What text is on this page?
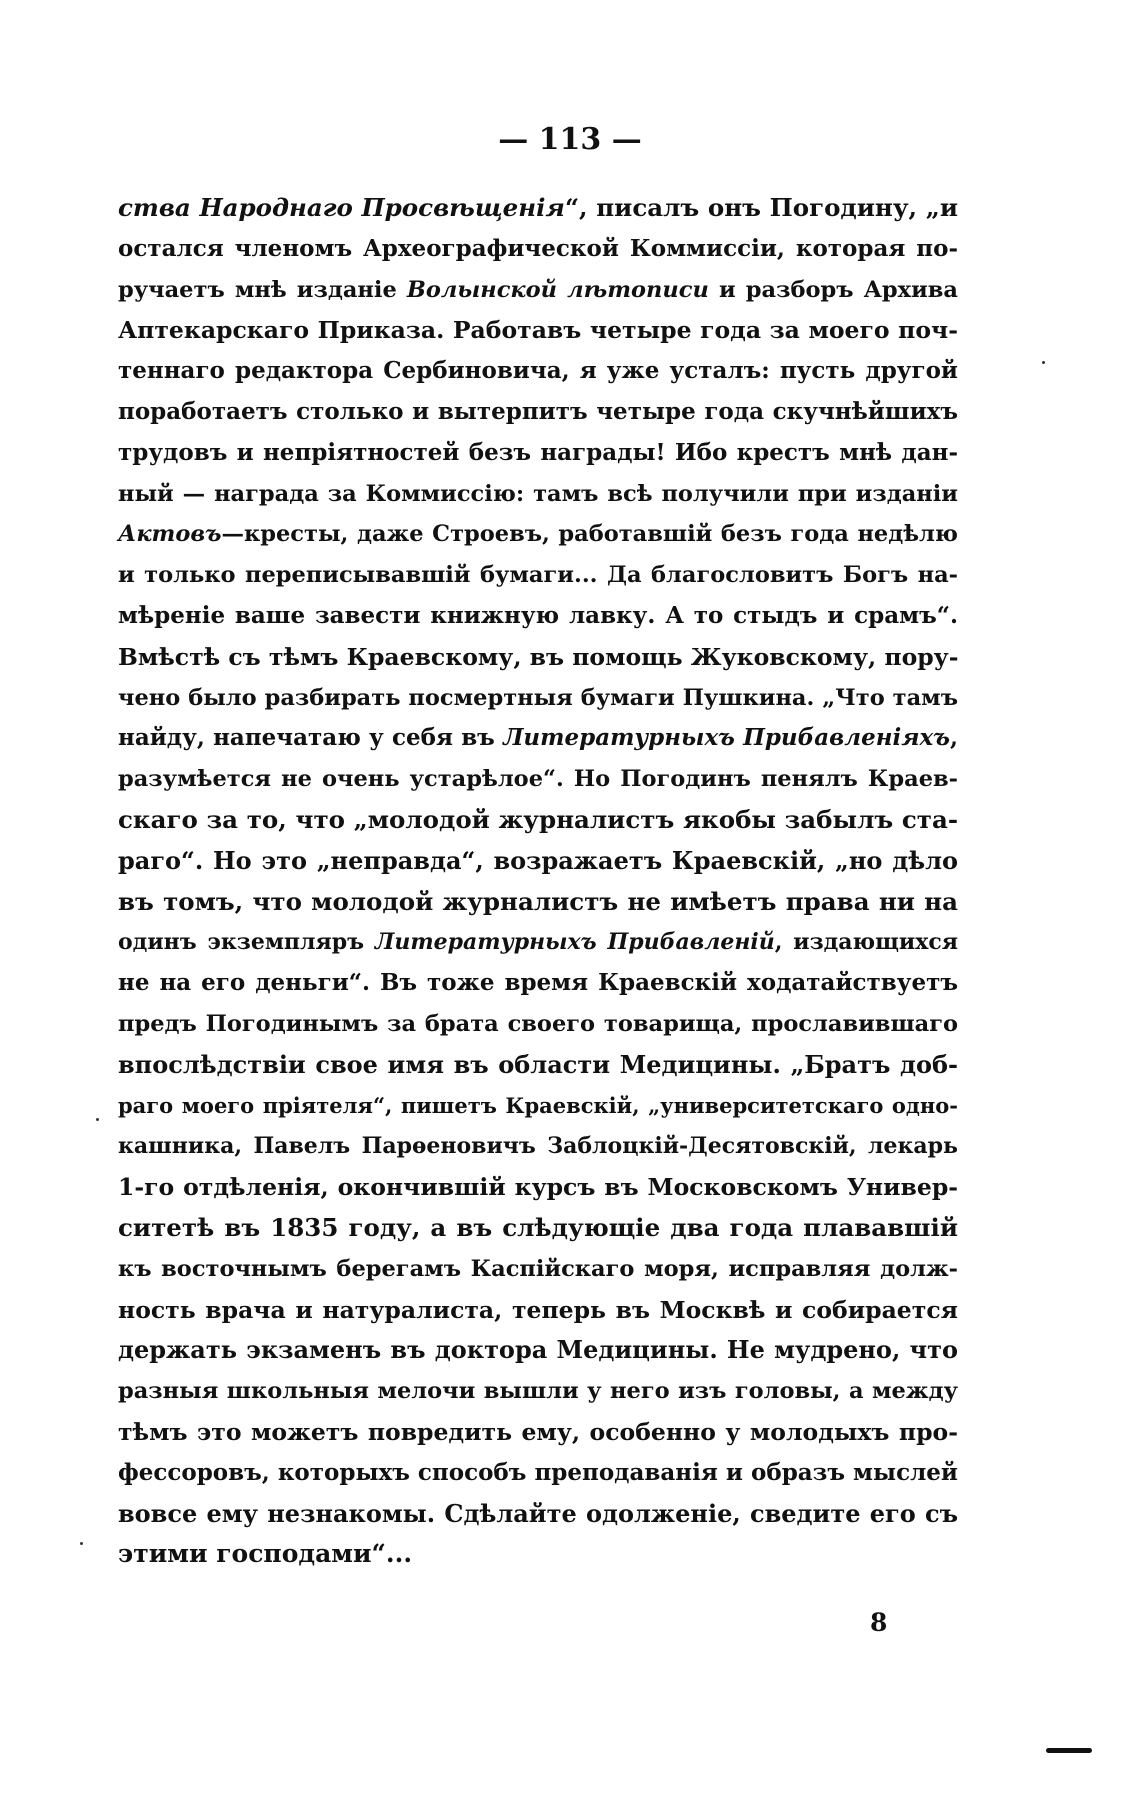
— 113 —
ства Народнаго Просвѣщенія“, писалъ онъ Погодину, „и
остался членомъ Археографической Коммиссіи, которая по-
ручаетъ мнѣ изданіе Волынской лѣтописи и разборъ Архива
Аптекарскаго Приказа. Работавъ четыре года за моего поч-
теннаго редактора Сербиновича, я уже усталъ: пусть другой
поработаетъ столько и вытерпитъ четыре года скучнѣйшихъ
трудовъ и непріятностей безъ награды! Ибо крестъ мнѣ дан-
ный — награда за Коммиссію: тамъ всѣ получили при изданіи
Актовъ—кресты, даже Строевъ, работавшій безъ года недѣлю
и только переписывавшій бумаги... Да благословитъ Богъ на-
мѣреніе ваше завести книжную лавку. А то стыдъ и срамъ“.
Вмѣстѣ съ тѣмъ Краевскому, въ помощь Жуковскому, пору-
чено было разбирать посмертныя бумаги Пушкина. „Что тамъ
найду, напечатаю у себя въ Литературныхъ Прибавленіяхъ,
разумѣется не очень устарѣлое“. Но Погодинъ пенялъ Краев-
скаго за то, что „молодой журналистъ якобы забылъ ста-
раго“. Но это „неправда“, возражаетъ Краевскій, „но дѣло
въ томъ, что молодой журналистъ не имѣетъ права ни на
одинъ экземпляръ Литературныхъ Прибавленій, издающихся
не на его деньги“. Въ тоже время Краевскій ходатайствуетъ
предъ Погодинымъ за брата своего товарища, прославившаго
впослѣдствіи свое имя въ области Медицины. „Братъ доб-
раго моего пріятеля“, пишетъ Краевскій, „университетскаго одно-
кашника, Павелъ Парѳеновичъ Заблоцкій-Десятовскій, лекарь
1-го отдѣленія, окончившій курсъ въ Московскомъ Универ-
ситетѣ въ 1835 году, а въ слѣдующіе два года плававшій
къ восточнымъ берегамъ Каспійскаго моря, исправляя долж-
ность врача и натуралиста, теперь въ Москвѣ и собирается
держать экзаменъ въ доктора Медицины. Не мудрено, что
разныя школьныя мелочи вышли у него изъ головы, а между
тѣмъ это можетъ повредить ему, особенно у молодыхъ про-
фессоровъ, которыхъ способъ преподаванія и образъ мыслей
вовсе ему незнакомы. Сдѣлайте одолженіе, сведите его съ
этими господами“...
8
